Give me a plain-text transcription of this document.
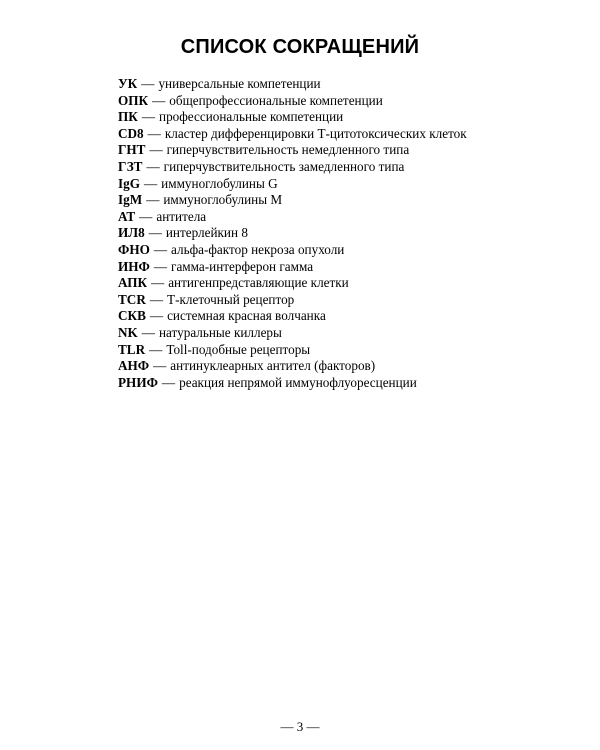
СПИСОК СОКРАЩЕНИЙ
УК — универсальные компетенции
ОПК — общепрофессиональные компетенции
ПК — профессиональные компетенции
CD8 — кластер дифференцировки Т-цитотоксических клеток
ГНТ — гиперчувствительность немедленного типа
ГЗТ — гиперчувствительность замедленного типа
IgG — иммуноглобулины G
IgM — иммуноглобулины М
АТ — антитела
ИЛ8 — интерлейкин 8
ФНО — альфа-фактор некроза опухоли
ИНФ — гамма-интерферон гамма
АПК — антигенпредставляющие клетки
TCR — Т-клеточный рецептор
СКВ — системная красная волчанка
NK — натуральные киллеры
TLR — Toll-подобные рецепторы
АНФ — антинуклеарных антител (факторов)
РНИФ — реакция непрямой иммунофлуоресценции
— 3 —
